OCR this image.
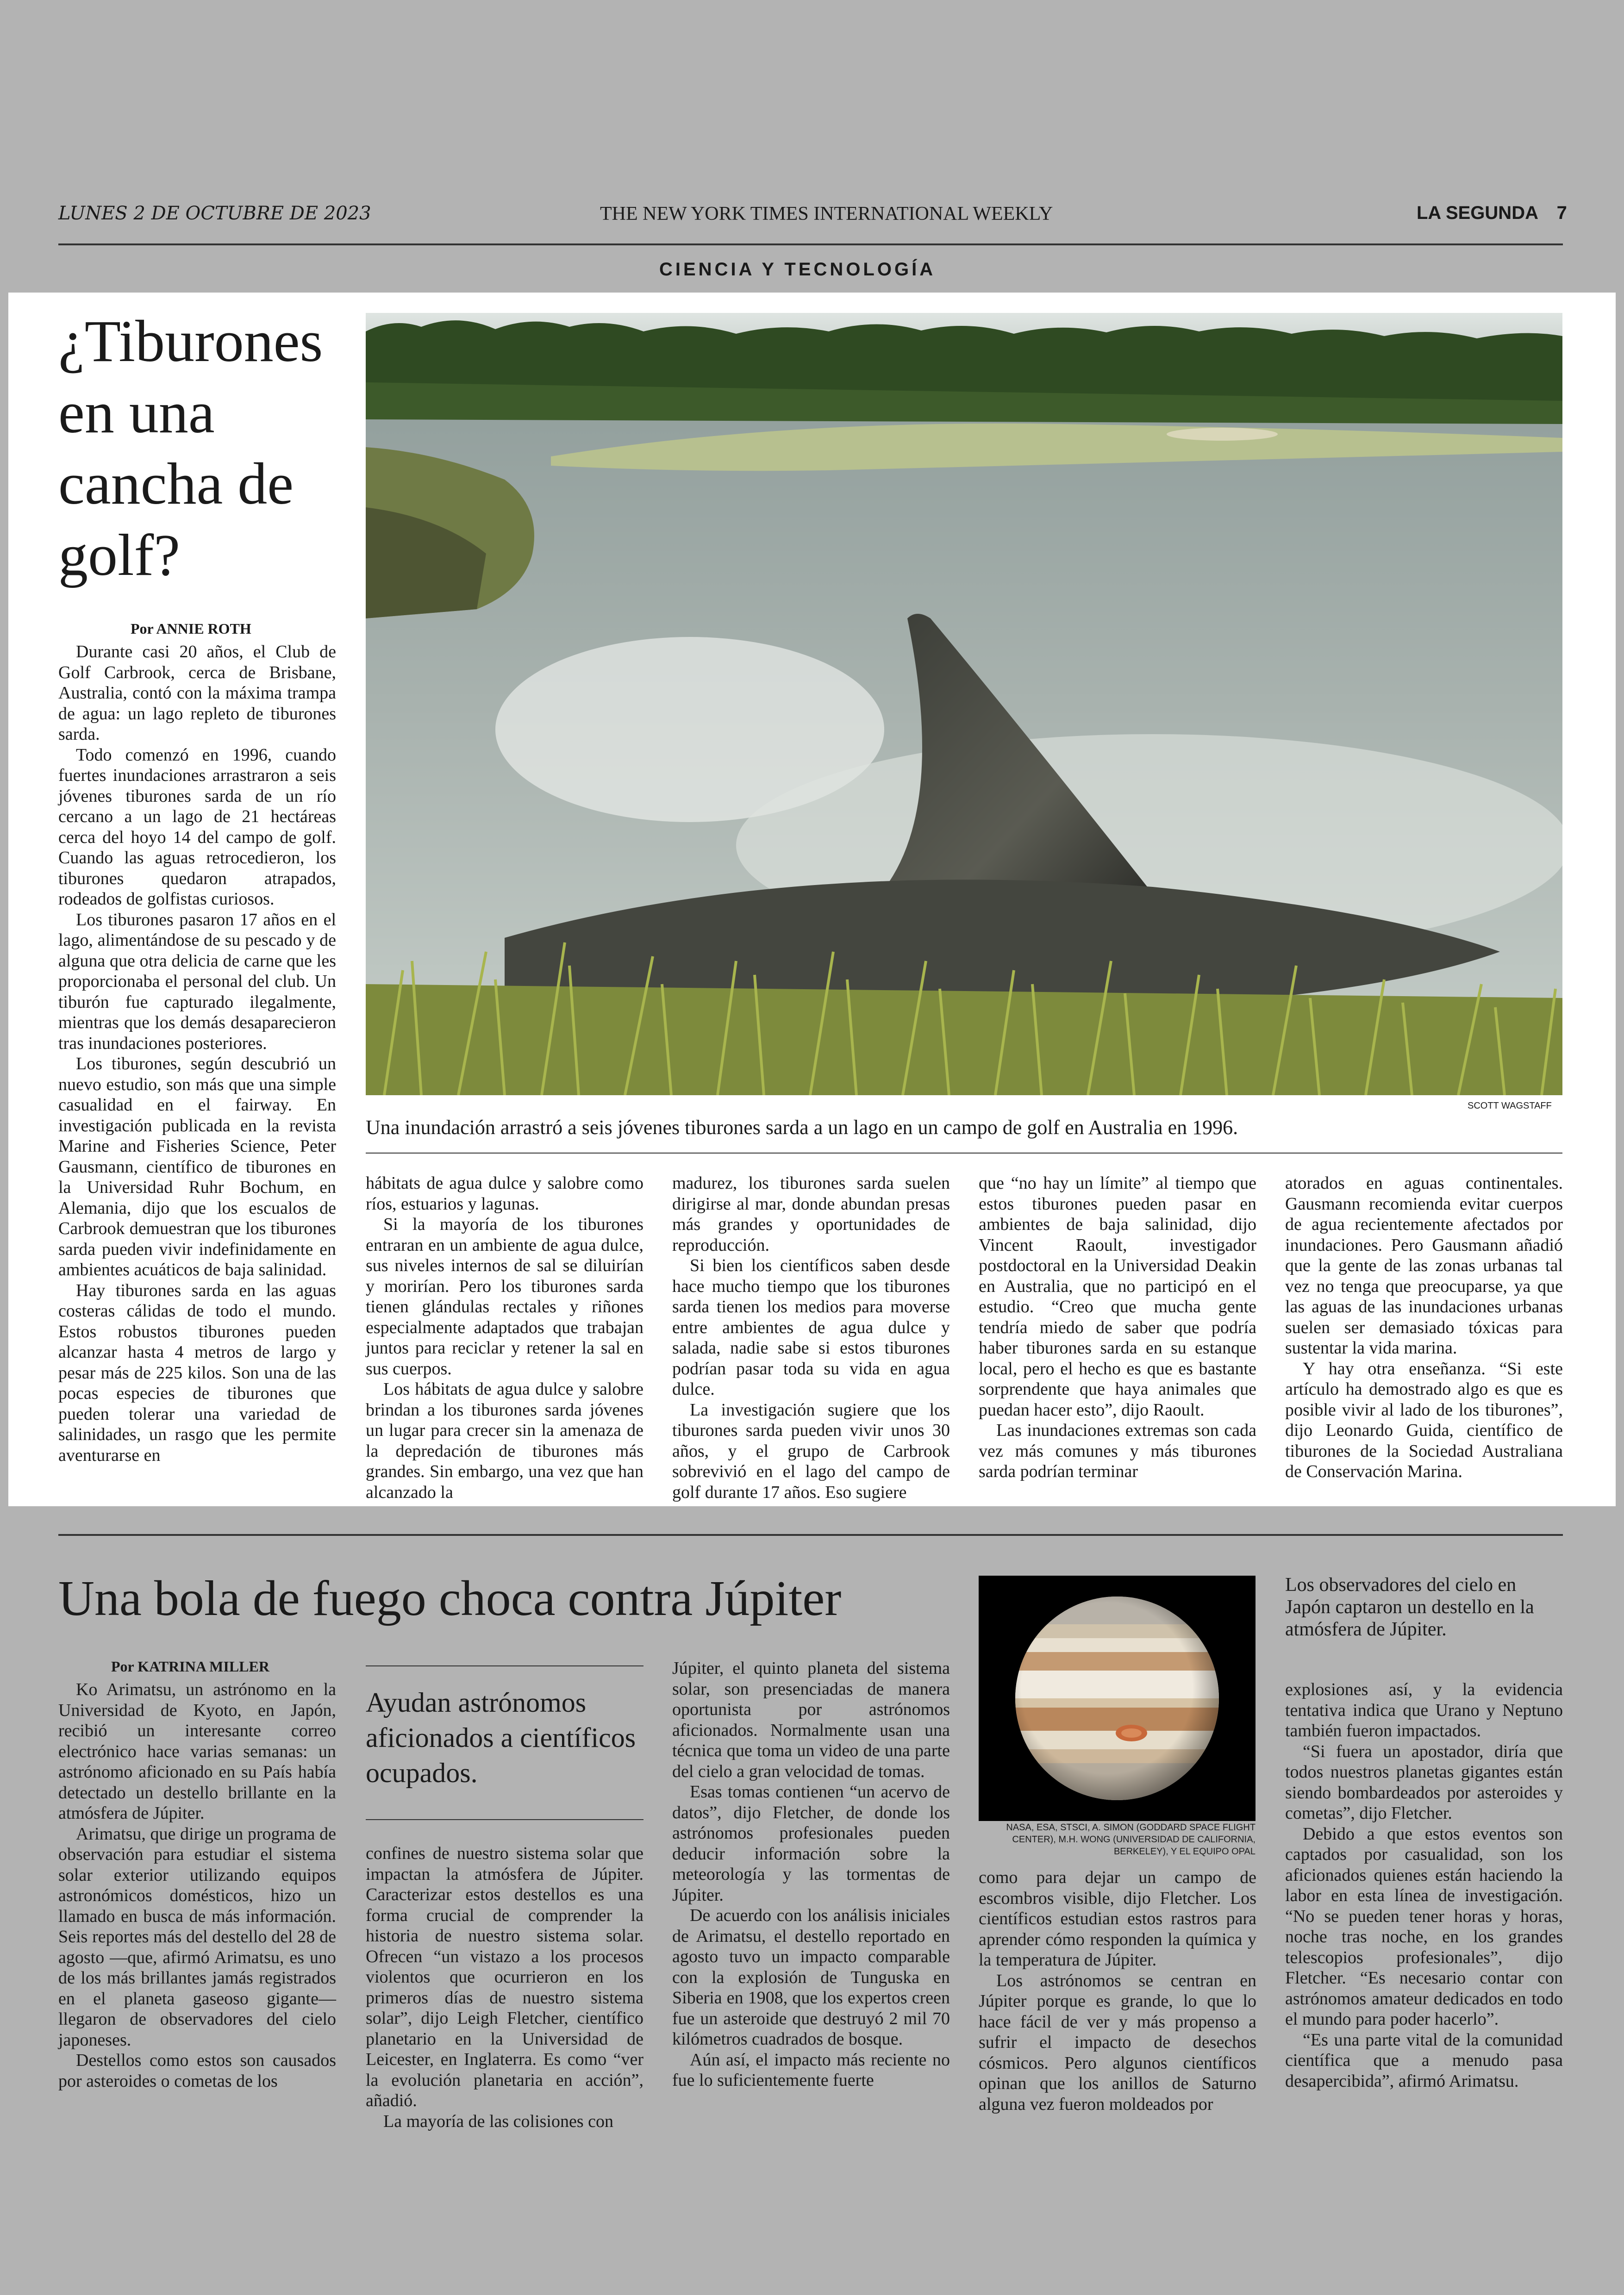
LUNES 2 DE OCTUBRE DE 2023	THE NEW YORK TIMES INTERNATIONAL WEEKLY	LA SEGUNDA 7
CIENCIA Y TECNOLOGÍA
¿Tiburones en una cancha de golf?
Por ANNIE ROTH
SCOTT WAGSTAFF
Una inundación arrastró a seis jóvenes tiburones sarda a un lago en un campo de golf en Australia en 1996.

Durante casi 20 años, el Club de Golf Carbrook, cerca de Brisbane, Australia, contó con la máxima trampa de agua: un lago repleto de tiburones sarda.

Todo comenzó en 1996, cuando fuertes inundaciones arrastraron a seis jóvenes tiburones sarda de un río cercano a un lago de 21 hectáreas cerca del hoyo 14 del campo de golf. Cuando las aguas retrocedieron, los tiburones quedaron atrapados, rodeados de golfistas curiosos.

Los tiburones pasaron 17 años en el lago, alimentándose de su pescado y de alguna que otra delicia de carne que les proporcionaba el personal del club. Un tiburón fue capturado ilegalmente, mientras que los demás desaparecieron tras inundaciones posteriores.

Los tiburones, según descubrió un nuevo estudio, son más que una simple casualidad en el fairway. En investigación publicada en la revista Marine and Fisheries Science, Peter Gausmann, científico de tiburones en la Universidad Ruhr Bochum, en Alemania, dijo que los escualos de Carbrook demuestran que los tiburones sarda pueden vivir indefinidamente en ambientes acuáticos de baja salinidad.

Hay tiburones sarda en las aguas costeras cálidas de todo el mundo. Estos robustos tiburones pueden alcanzar hasta 4 metros de largo y pesar más de 225 kilos. Son una de las pocas especies de tiburones que pueden tolerar una variedad de salinidades, un rasgo que les permite aventurarse en

hábitats de agua dulce y salobre como ríos, estuarios y lagunas.

Si la mayoría de los tiburones entraran en un ambiente de agua dulce, sus niveles internos de sal se diluirían y morirían. Pero los tiburones sarda tienen glándulas rectales y riñones especialmente adaptados que trabajan juntos para reciclar y retener la sal en sus cuerpos.

Los hábitats de agua dulce y salobre brindan a los tiburones sarda jóvenes un lugar para crecer sin la amenaza de la depredación de tiburones más grandes. Sin embargo, una vez que han alcanzado la

madurez, los tiburones sarda suelen dirigirse al mar, donde abundan presas más grandes y oportunidades de reproducción.

Si bien los científicos saben desde hace mucho tiempo que los tiburones sarda tienen los medios para moverse entre ambientes de agua dulce y salada, nadie sabe si estos tiburones podrían pasar toda su vida en agua dulce.

La investigación sugiere que los tiburones sarda pueden vivir unos 30 años, y el grupo de Carbrook sobrevivió en el lago del campo de golf durante 17 años. Eso sugiere

que “no hay un límite” al tiempo que estos tiburones pueden pasar en ambientes de baja salinidad, dijo Vincent Raoult, investigador postdoctoral en la Universidad Deakin en Australia, que no participó en el estudio. “Creo que mucha gente tendría miedo de saber que podría haber tiburones sarda en su estanque local, pero el hecho es que es bastante sorprendente que haya animales que puedan hacer esto”, dijo Raoult.

Las inundaciones extremas son cada vez más comunes y más tiburones sarda podrían terminar

atorados en aguas continentales. Gausmann recomienda evitar cuerpos de agua recientemente afectados por inundaciones. Pero Gausmann añadió que la gente de las zonas urbanas tal vez no tenga que preocuparse, ya que las aguas de las inundaciones urbanas suelen ser demasiado tóxicas para sustentar la vida marina.

Y hay otra enseñanza. “Si este artículo ha demostrado algo es que es posible vivir al lado de los tiburones”, dijo Leonardo Guida, científico de tiburones de la Sociedad Australiana de Conservación Marina.

Una bola de fuego choca contra Júpiter
Por KATRINA MILLER
Ayudan astrónomos aficionados a científicos ocupados.
NASA, ESA, STSCI, A. SIMON (GODDARD SPACE FLIGHT CENTER), M.H. WONG (UNIVERSIDAD DE CALIFORNIA, BERKELEY), Y EL EQUIPO OPAL
Los observadores del cielo en Japón captaron un destello en la atmósfera de Júpiter.

Ko Arimatsu, un astrónomo en la Universidad de Kyoto, en Japón, recibió un interesante correo electrónico hace varias semanas: un astrónomo aficionado en su País había detectado un destello brillante en la atmósfera de Júpiter.

Arimatsu, que dirige un programa de observación para estudiar el sistema solar exterior utilizando equipos astronómicos domésticos, hizo un llamado en busca de más información. Seis reportes más del destello del 28 de agosto —que, afirmó Arimatsu, es uno de los más brillantes jamás registrados en el planeta gaseoso gigante— llegaron de observadores del cielo japoneses.

Destellos como estos son causados por asteroides o cometas de los

confines de nuestro sistema solar que impactan la atmósfera de Júpiter. Caracterizar estos destellos es una forma crucial de comprender la historia de nuestro sistema solar. Ofrecen “un vistazo a los procesos violentos que ocurrieron en los primeros días de nuestro sistema solar”, dijo Leigh Fletcher, científico planetario en la Universidad de Leicester, en Inglaterra. Es como “ver la evolución planetaria en acción”, añadió.

La mayoría de las colisiones con

Júpiter, el quinto planeta del sistema solar, son presenciadas de manera oportunista por astrónomos aficionados. Normalmente usan una técnica que toma un video de una parte del cielo a gran velocidad de tomas.

Esas tomas contienen “un acervo de datos”, dijo Fletcher, de donde los astrónomos profesionales pueden deducir información sobre la meteorología y las tormentas de Júpiter.

De acuerdo con los análisis iniciales de Arimatsu, el destello reportado en agosto tuvo un impacto comparable con la explosión de Tunguska en Siberia en 1908, que los expertos creen fue un asteroide que destruyó 2 mil 70 kilómetros cuadrados de bosque.

Aún así, el impacto más reciente no fue lo suficientemente fuerte

como para dejar un campo de escombros visible, dijo Fletcher. Los científicos estudian estos rastros para aprender cómo responden la química y la temperatura de Júpiter.

Los astrónomos se centran en Júpiter porque es grande, lo que lo hace fácil de ver y más propenso a sufrir el impacto de desechos cósmicos. Pero algunos científicos opinan que los anillos de Saturno alguna vez fueron moldeados por

explosiones así, y la evidencia tentativa indica que Urano y Neptuno también fueron impactados.

“Si fuera un apostador, diría que todos nuestros planetas gigantes están siendo bombardeados por asteroides y cometas”, dijo Fletcher.

Debido a que estos eventos son captados por casualidad, son los aficionados quienes están haciendo la labor en esta línea de investigación. “No se pueden tener horas y horas, noche tras noche, en los grandes telescopios profesionales”, dijo Fletcher. “Es necesario contar con astrónomos amateur dedicados en todo el mundo para poder hacerlo”.

“Es una parte vital de la comunidad científica que a menudo pasa desapercibida”, afirmó Arimatsu.
